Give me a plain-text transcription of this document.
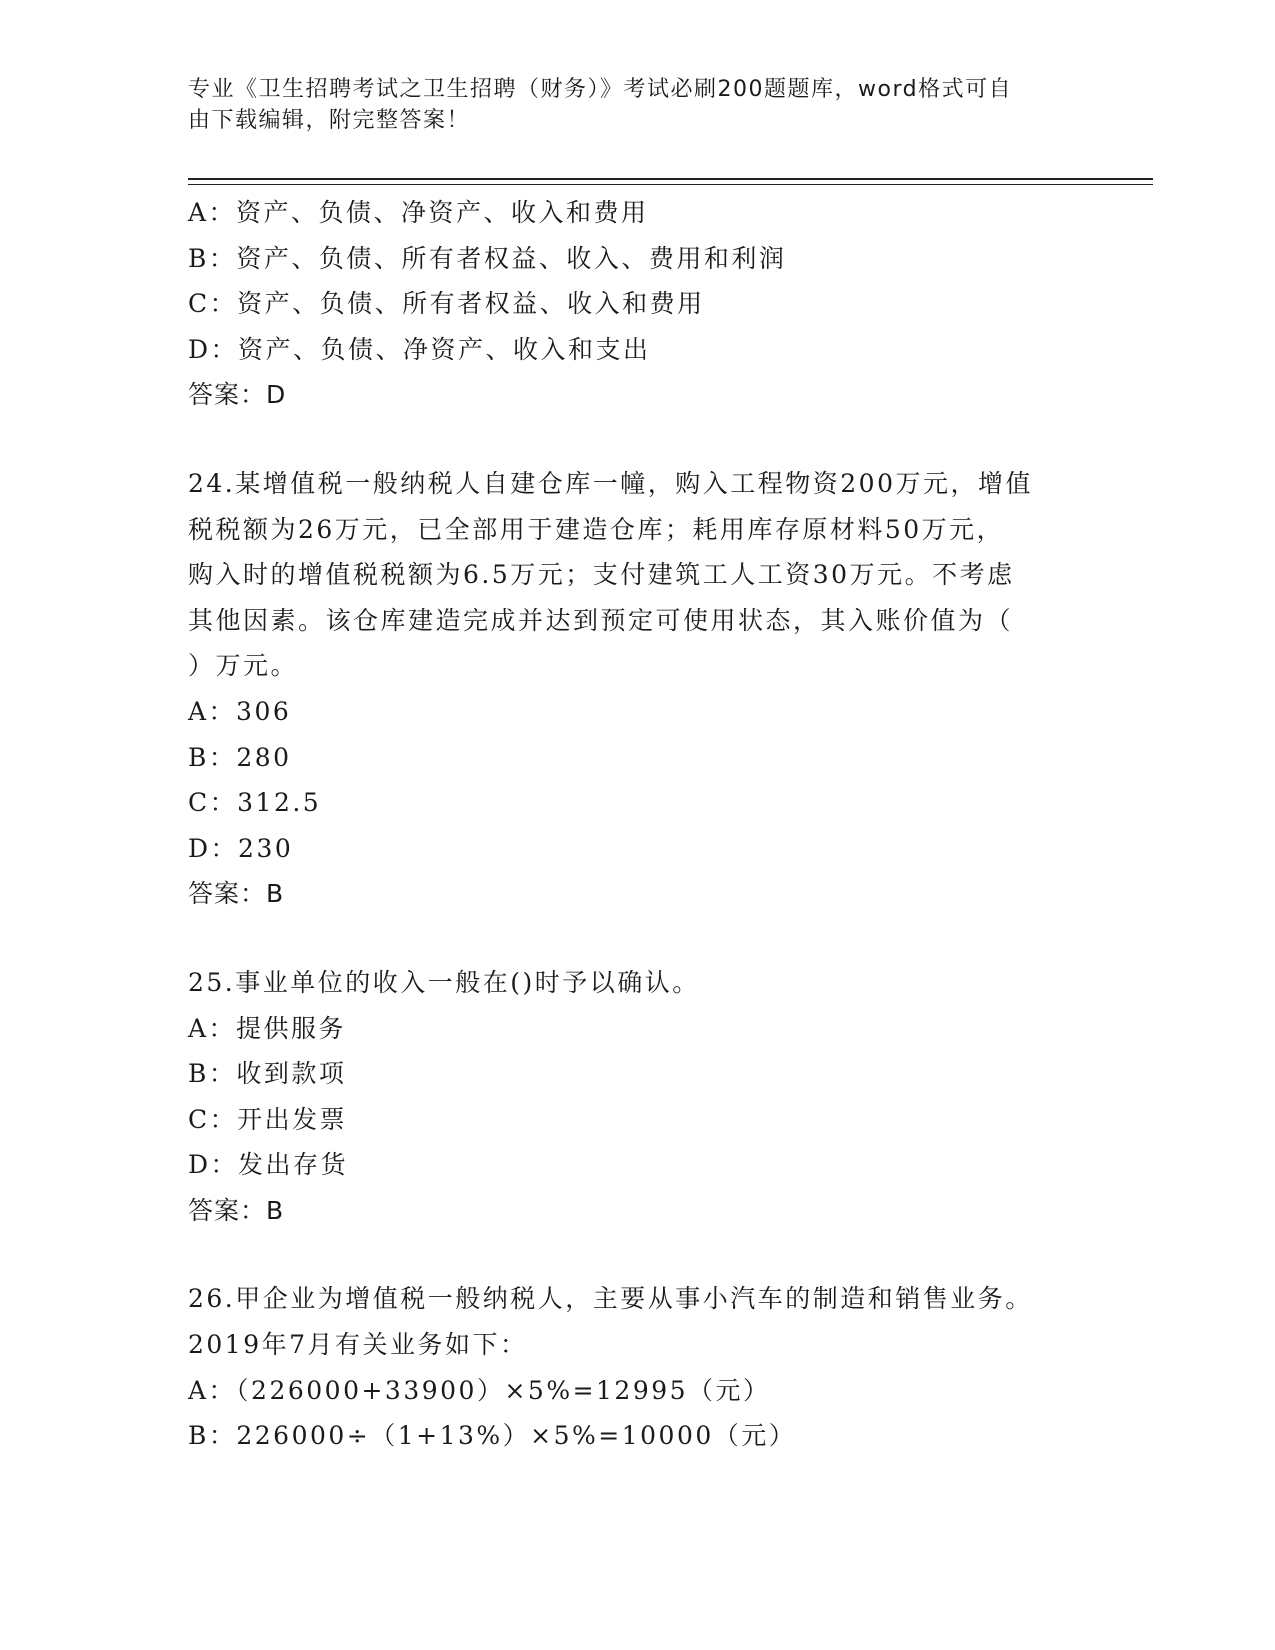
专业《卫生招聘考试之卫生招聘（财务）》考试必刷200题题库，word格式可自
由下载编辑，附完整答案！
A：资产、负债、净资产、收入和费用
B：资产、负债、所有者权益、收入、费用和利润
C：资产、负债、所有者权益、收入和费用
D：资产、负债、净资产、收入和支出
答案：D
24.某增值税一般纳税人自建仓库一幢，购入工程物资200万元，增值
税税额为26万元，已全部用于建造仓库；耗用库存原材料50万元，
购入时的增值税税额为6.5万元；支付建筑工人工资30万元。不考虑
其他因素。该仓库建造完成并达到预定可使用状态，其入账价值为（
）万元。
A：306
B：280
C：312.5
D：230
答案：B
25.事业单位的收入一般在()时予以确认。
A：提供服务
B：收到款项
C：开出发票
D：发出存货
答案：B
26.甲企业为增值税一般纳税人，主要从事小汽车的制造和销售业务。
2019年7月有关业务如下：
A：（226000+33900）×5%=12995（元）
B：226000÷（1+13%）×5%=10000（元）
